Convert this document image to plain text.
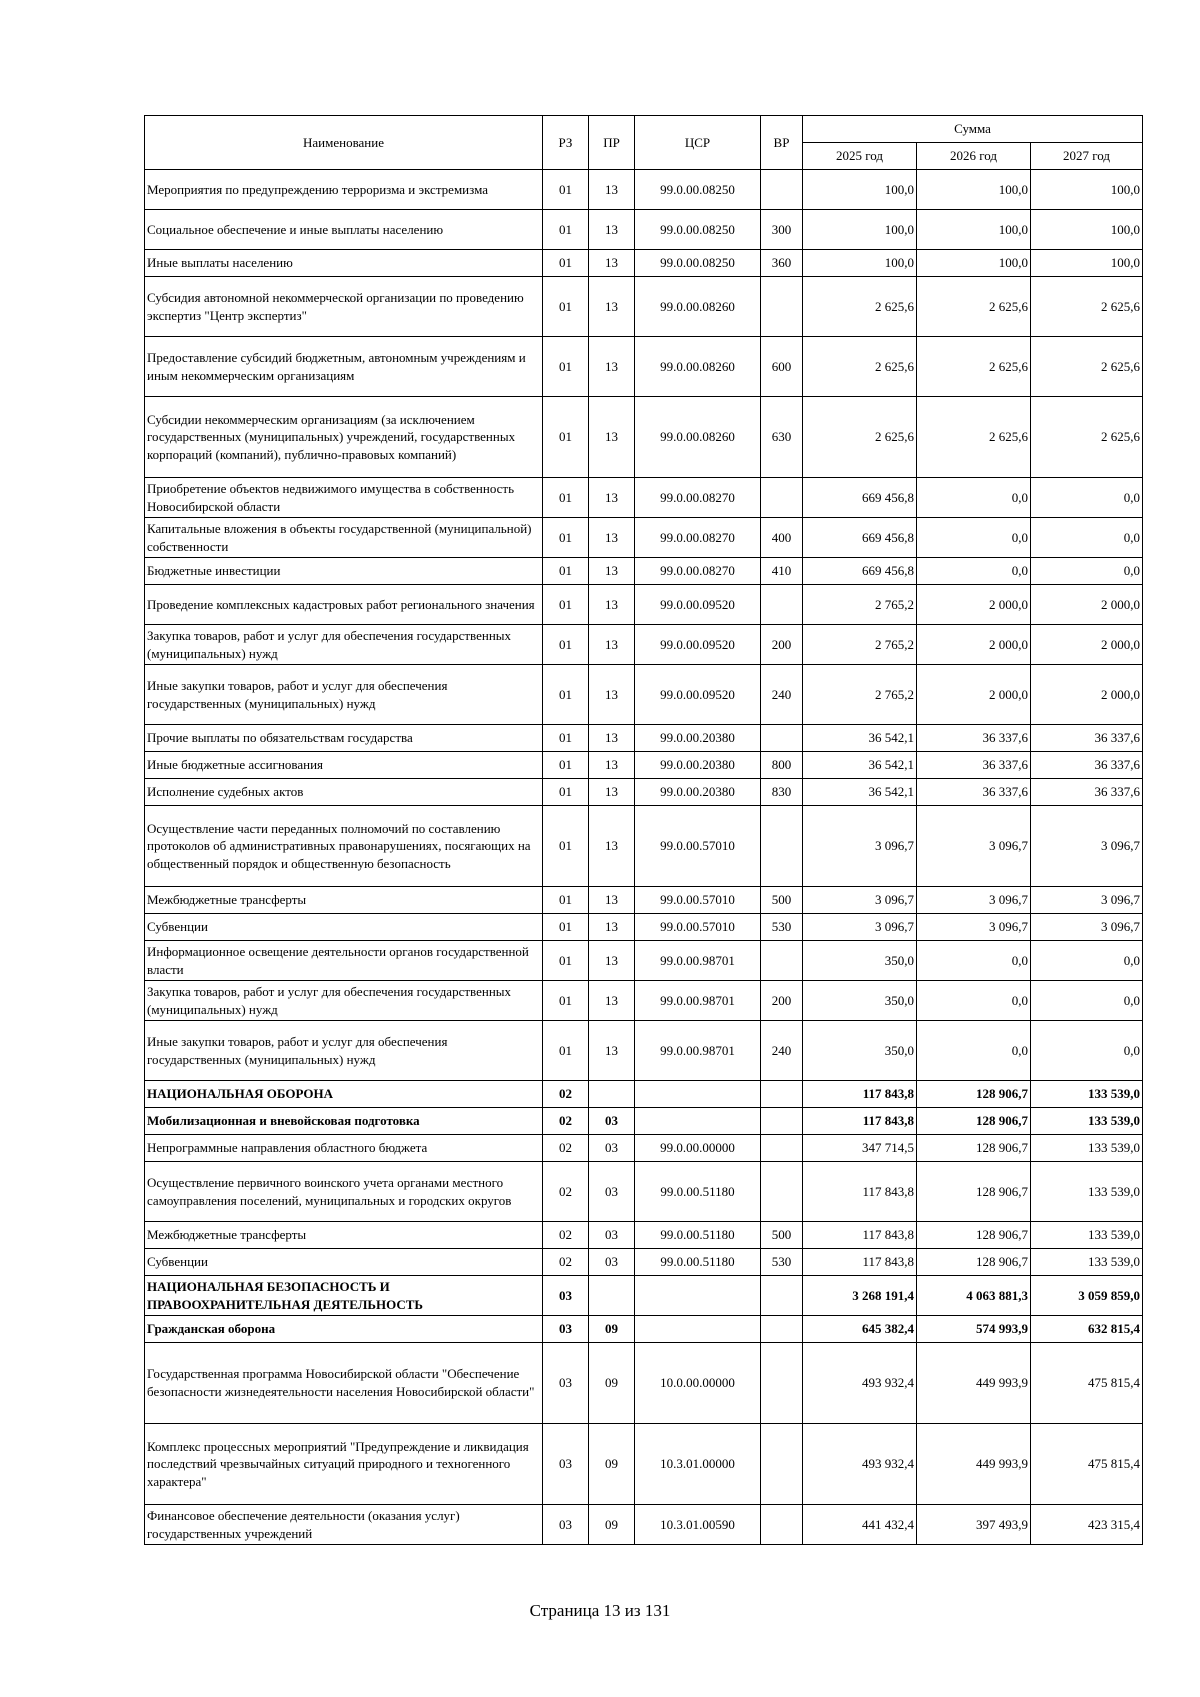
Наименование	РЗ	ПР	ЦСР	ВР	Сумма		
					2025 год	2026 год	2027 год
Мероприятия по предупреждению терроризма и экстремизма	01	13	99.0.00.08250		100,0	100,0	100,0
Социальное обеспечение и иные выплаты населению	01	13	99.0.00.08250	300	100,0	100,0	100,0
Иные выплаты населению	01	13	99.0.00.08250	360	100,0	100,0	100,0
Субсидия автономной некоммерческой организации по проведению экспертиз "Центр экспертиз"	01	13	99.0.00.08260		2 625,6	2 625,6	2 625,6
Предоставление субсидий бюджетным, автономным учреждениям и иным некоммерческим организациям	01	13	99.0.00.08260	600	2 625,6	2 625,6	2 625,6
Субсидии некоммерческим организациям (за исключением государственных (муниципальных) учреждений, государственных корпораций (компаний), публично-правовых компаний)	01	13	99.0.00.08260	630	2 625,6	2 625,6	2 625,6
Приобретение объектов недвижимого имущества в собственность Новосибирской области	01	13	99.0.00.08270		669 456,8	0,0	0,0
Капитальные вложения в объекты государственной (муниципальной) собственности	01	13	99.0.00.08270	400	669 456,8	0,0	0,0
Бюджетные инвестиции	01	13	99.0.00.08270	410	669 456,8	0,0	0,0
Проведение комплексных кадастровых работ регионального значения	01	13	99.0.00.09520		2 765,2	2 000,0	2 000,0
Закупка товаров, работ и услуг для обеспечения государственных (муниципальных) нужд	01	13	99.0.00.09520	200	2 765,2	2 000,0	2 000,0
Иные закупки товаров, работ и услуг для обеспечения государственных (муниципальных) нужд	01	13	99.0.00.09520	240	2 765,2	2 000,0	2 000,0
Прочие выплаты по обязательствам государства	01	13	99.0.00.20380		36 542,1	36 337,6	36 337,6
Иные бюджетные ассигнования	01	13	99.0.00.20380	800	36 542,1	36 337,6	36 337,6
Исполнение судебных актов	01	13	99.0.00.20380	830	36 542,1	36 337,6	36 337,6
Осуществление части переданных полномочий по составлению протоколов об административных правонарушениях, посягающих на общественный порядок и общественную безопасность	01	13	99.0.00.57010		3 096,7	3 096,7	3 096,7
Межбюджетные трансферты	01	13	99.0.00.57010	500	3 096,7	3 096,7	3 096,7
Субвенции	01	13	99.0.00.57010	530	3 096,7	3 096,7	3 096,7
Информационное освещение деятельности органов государственной власти	01	13	99.0.00.98701		350,0	0,0	0,0
Закупка товаров, работ и услуг для обеспечения государственных (муниципальных) нужд	01	13	99.0.00.98701	200	350,0	0,0	0,0
Иные закупки товаров, работ и услуг для обеспечения государственных (муниципальных) нужд	01	13	99.0.00.98701	240	350,0	0,0	0,0
НАЦИОНАЛЬНАЯ ОБОРОНА	02				117 843,8	128 906,7	133 539,0
Мобилизационная и вневойсковая подготовка	02	03			117 843,8	128 906,7	133 539,0
Непрограммные направления областного бюджета	02	03	99.0.00.00000		347 714,5	128 906,7	133 539,0
Осуществление первичного воинского учета органами местного самоуправления поселений, муниципальных и городских округов	02	03	99.0.00.51180		117 843,8	128 906,7	133 539,0
Межбюджетные трансферты	02	03	99.0.00.51180	500	117 843,8	128 906,7	133 539,0
Субвенции	02	03	99.0.00.51180	530	117 843,8	128 906,7	133 539,0
НАЦИОНАЛЬНАЯ БЕЗОПАСНОСТЬ И ПРАВООХРАНИТЕЛЬНАЯ ДЕЯТЕЛЬНОСТЬ	03				3 268 191,4	4 063 881,3	3 059 859,0
Гражданская оборона	03	09			645 382,4	574 993,9	632 815,4
Государственная программа Новосибирской области "Обеспечение безопасности жизнедеятельности населения Новосибирской области"	03	09	10.0.00.00000		493 932,4	449 993,9	475 815,4
Комплекс процессных мероприятий "Предупреждение и ликвидация последствий чрезвычайных ситуаций природного и техногенного характера"	03	09	10.3.01.00000		493 932,4	449 993,9	475 815,4
Финансовое обеспечение деятельности (оказания услуг) государственных учреждений	03	09	10.3.01.00590		441 432,4	397 493,9	423 315,4
Страница 13 из 131
